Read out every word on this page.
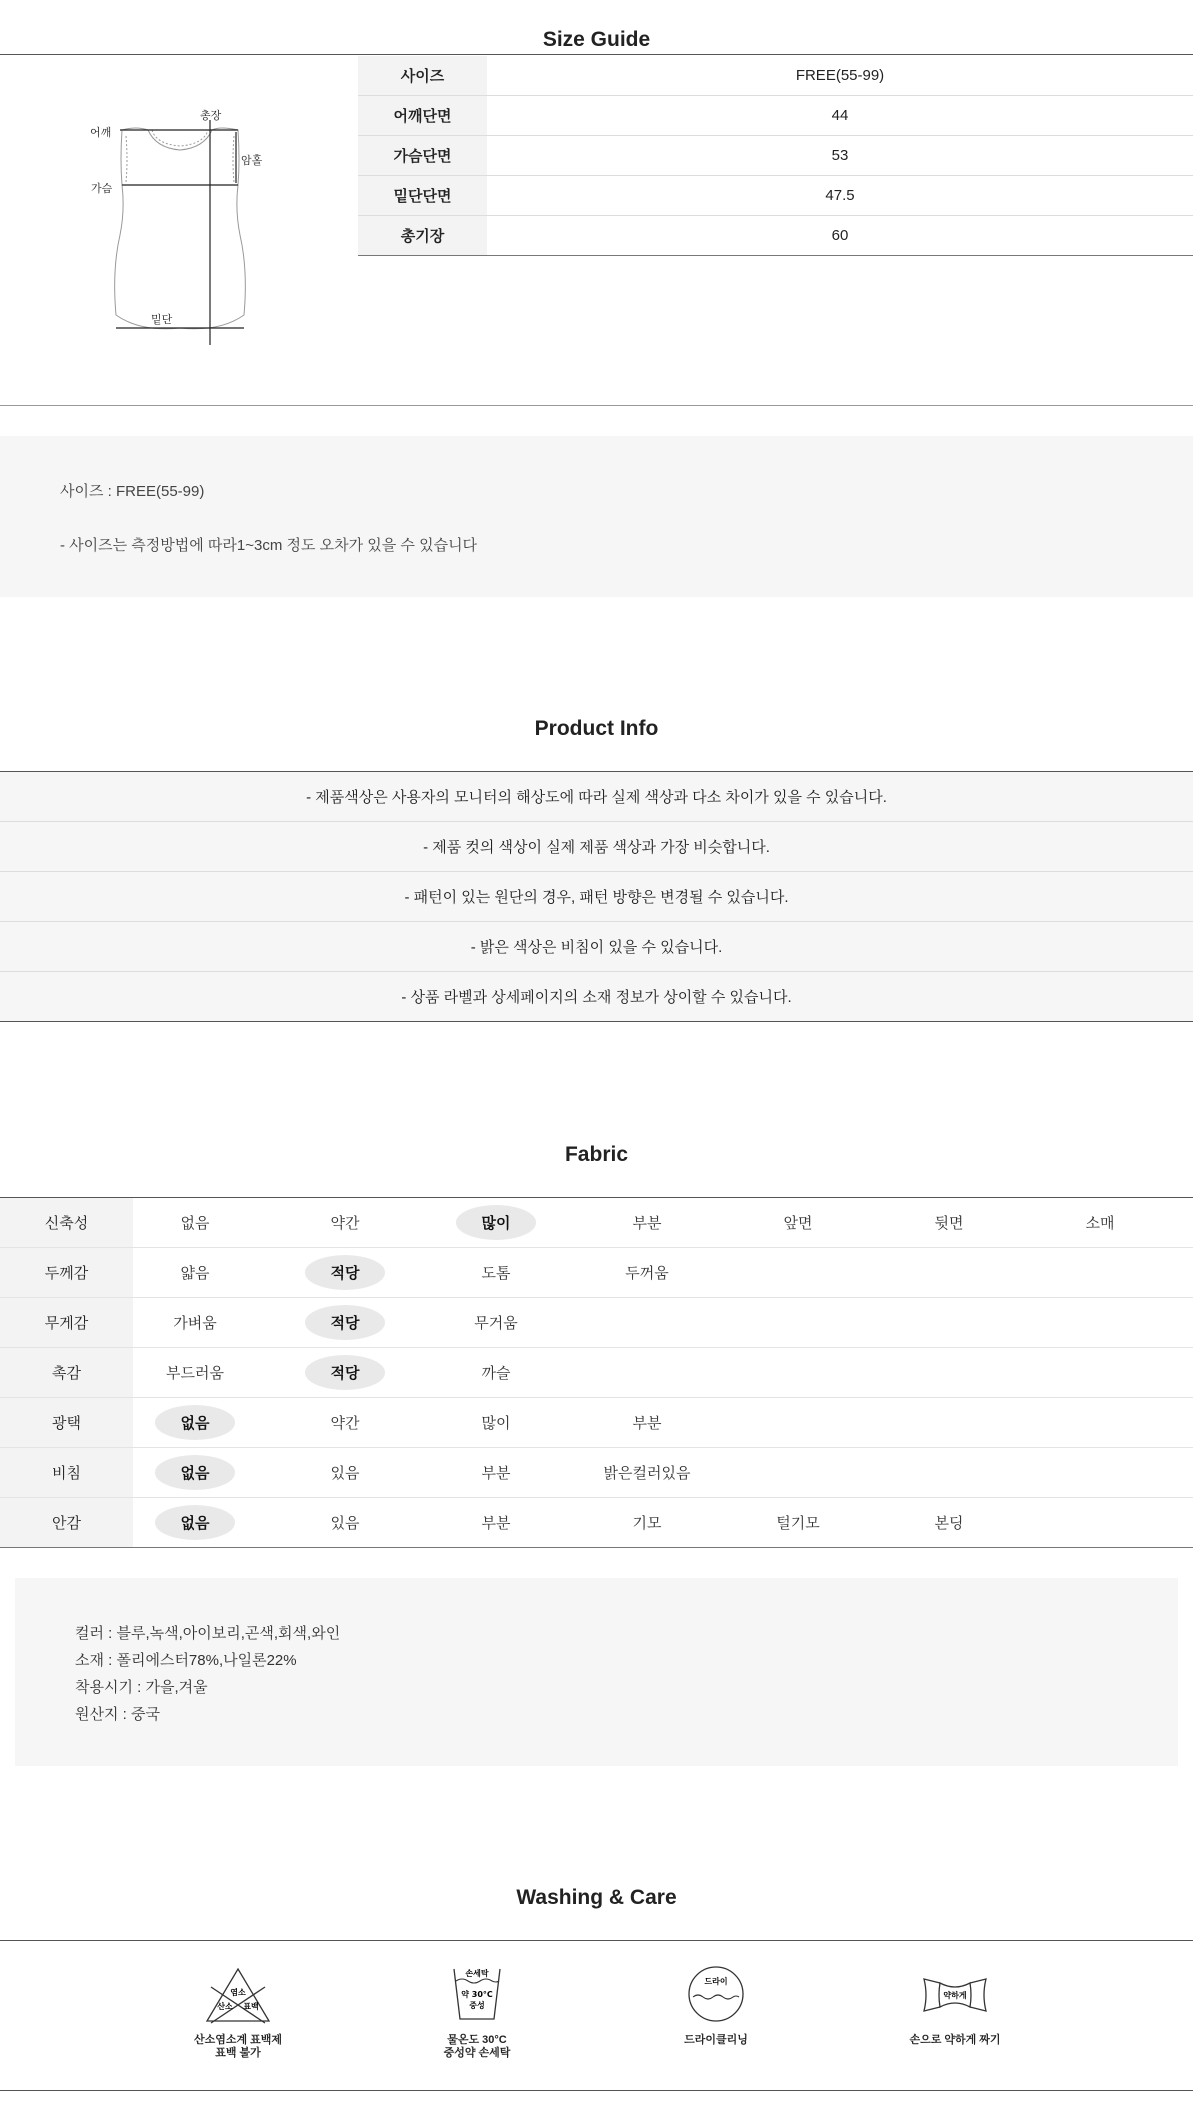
Size Guide
어깨
총장
암홀
가슴
밑단
사이즈	FREE(55-99)
어깨단면	44
가슴단면	53
밑단단면	47.5
총기장	60
사이즈 : FREE(55-99)
- 사이즈는 측정방법에 따라1~3cm 정도 오차가 있을 수 있습니다
Product Info
- 제품색상은 사용자의 모니터의 해상도에 따라 실제 색상과 다소 차이가 있을 수 있습니다.
- 제품 컷의 색상이 실제 제품 색상과 가장 비슷합니다.
- 패턴이 있는 원단의 경우, 패턴 방향은 변경될 수 있습니다.
- 밝은 색상은 비침이 있을 수 있습니다.
- 상품 라벨과 상세페이지의 소재 정보가 상이할 수 있습니다.
Fabric
신축성	없음	약간	많이	부분	앞면	뒷면	소매
두께감	얇음	적당	도톰	두꺼움
무게감	가벼움	적당	무거움
촉감	부드러움	적당	까슬
광택	없음	약간	많이	부분
비침	없음	있음	부분	밝은컬러있음
안감	없음	있음	부분	기모	털기모	본딩
컬러 : 블루,녹색,아이보리,곤색,회색,와인
소재 : 폴리에스터78%,나일론22%
착용시기 : 가을,겨울
원산지 : 중국
Washing & Care
염소
산소 표백
산소염소계 표백제
표백 불가
손세탁
약 30°C
중성
물온도 30°C
중성약 손세탁
드라이
드라이클리닝
약하게
손으로 약하게 짜기
